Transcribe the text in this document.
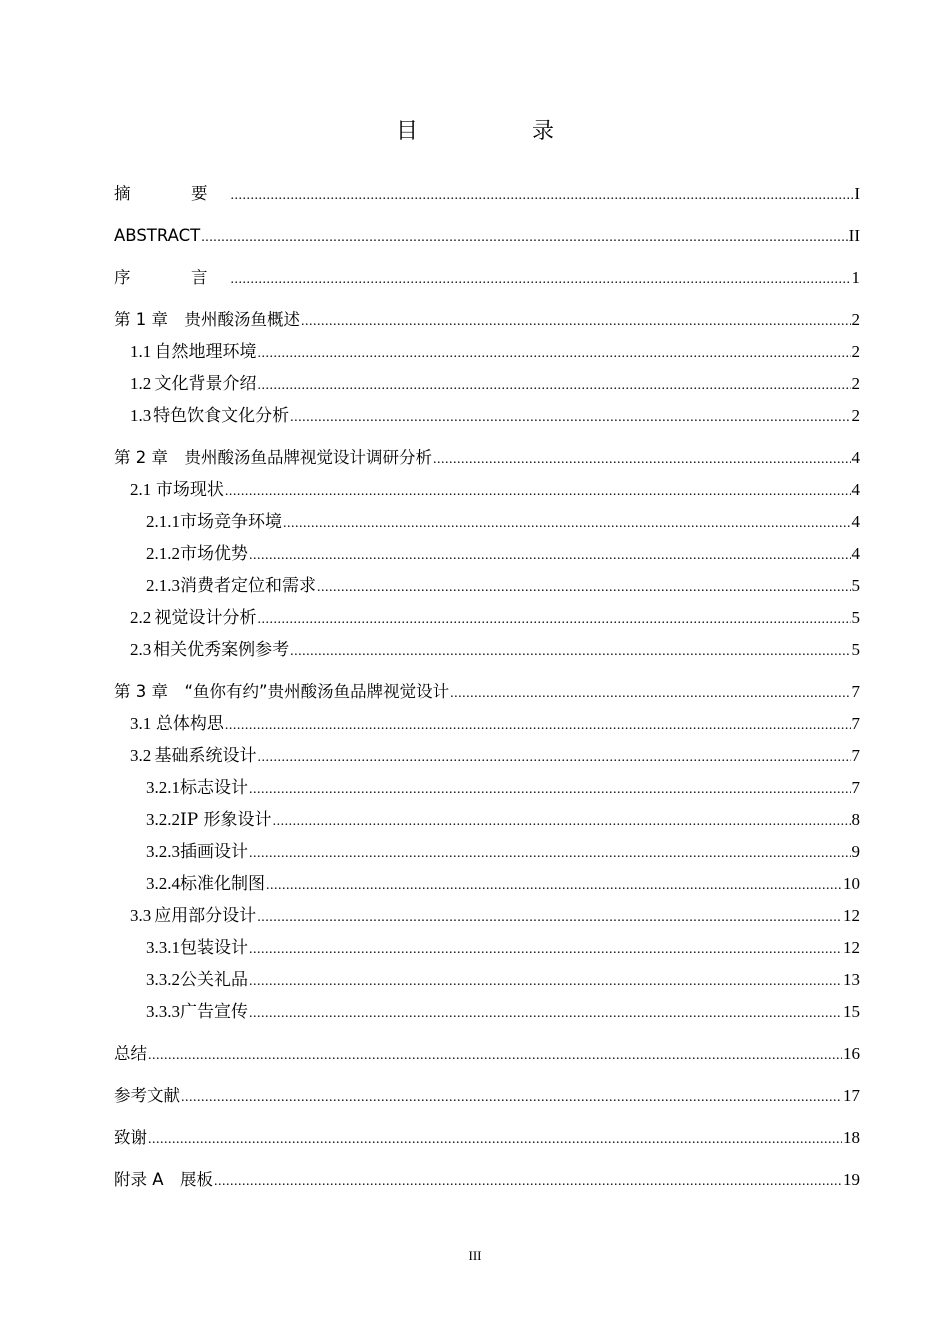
目　录
摘　要 .....	I
ABSTRACT .....	II
序　言 .....	1
第 1 章　贵州酸汤鱼概述 .....	2
1.1 自然地理环境 .....	2
1.2 文化背景介绍 .....	2
1.3 特色饮食文化分析 .....	2
第 2 章　贵州酸汤鱼品牌视觉设计调研分析 .....	4
2.1 市场现状 .....	4
2.1.1 市场竞争环境 .....	4
2.1.2 市场优势 .....	4
2.1.3 消费者定位和需求 .....	5
2.2 视觉设计分析 .....	5
2.3 相关优秀案例参考 .....	5
第 3 章　“鱼你有约”贵州酸汤鱼品牌视觉设计 .....	7
3.1 总体构思 .....	7
3.2 基础系统设计 .....	7
3.2.1 标志设计 .....	7
3.2.2 IP 形象设计 .....	8
3.2.3 插画设计 .....	9
3.2.4 标准化制图 .....	10
3.3 应用部分设计 .....	12
3.3.1 包装设计 .....	12
3.3.2 公关礼品 .....	13
3.3.3 广告宣传 .....	15
总结 .....	16
参考文献 .....	17
致谢 .....	18
附录 A　展板 .....	19
III
